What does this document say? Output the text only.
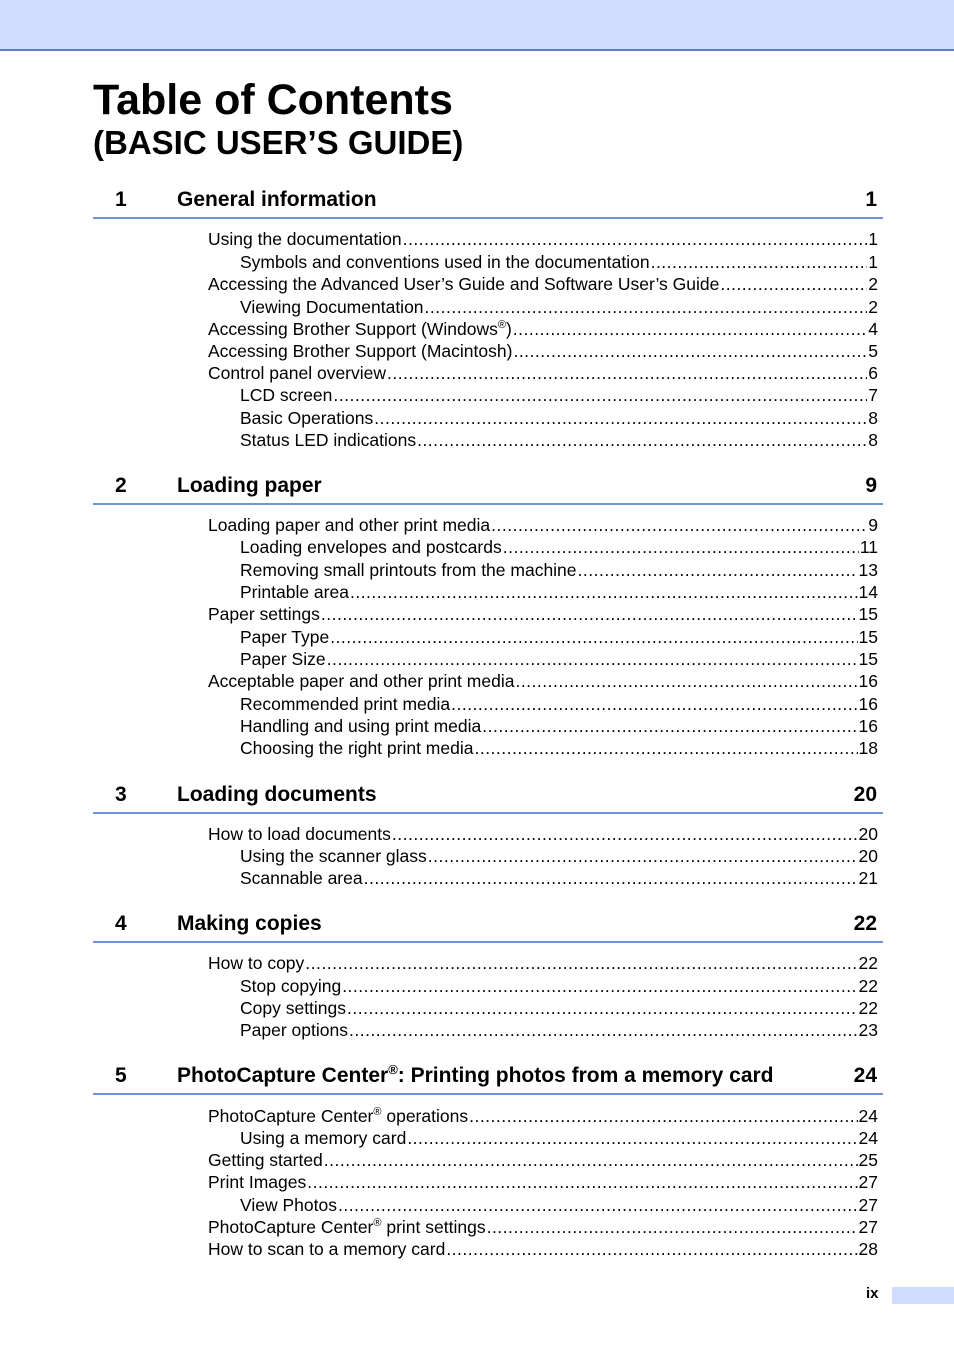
Table of Contents
(BASIC USER’S GUIDE)
1 General information	1
Using the documentation .....	1
Symbols and conventions used in the documentation .....	1
Accessing the Advanced User’s Guide and Software User’s Guide .....	2
Viewing Documentation .....	2
Accessing Brother Support (Windows®) .....	4
Accessing Brother Support (Macintosh) .....	5
Control panel overview .....	6
LCD screen .....	7
Basic Operations .....	8
Status LED indications .....	8
2 Loading paper	9
Loading paper and other print media .....	9
Loading envelopes and postcards .....	11
Removing small printouts from the machine .....	13
Printable area .....	14
Paper settings .....	15
Paper Type .....	15
Paper Size .....	15
Acceptable paper and other print media .....	16
Recommended print media .....	16
Handling and using print media .....	16
Choosing the right print media .....	18
3 Loading documents	20
How to load documents .....	20
Using the scanner glass .....	20
Scannable area .....	21
4 Making copies	22
How to copy .....	22
Stop copying .....	22
Copy settings .....	22
Paper options .....	23
5 PhotoCapture Center®: Printing photos from a memory card	24
PhotoCapture Center® operations .....	24
Using a memory card .....	24
Getting started .....	25
Print Images .....	27
View Photos .....	27
PhotoCapture Center® print settings .....	27
How to scan to a memory card .....	28
ix
